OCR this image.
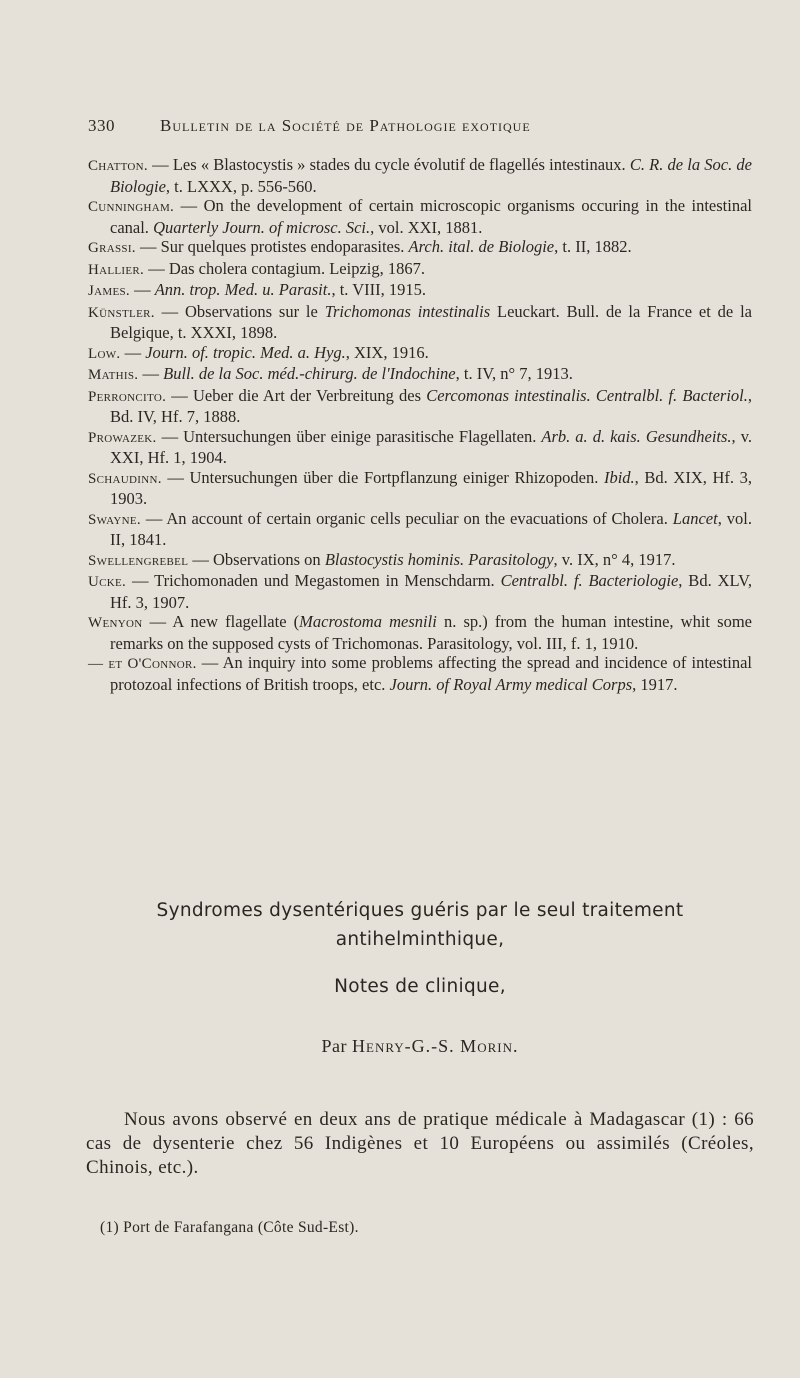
330	Bulletin de la Société de Pathologie exotique
Chatton. — Les « Blastocystis » stades du cycle évolutif de flagellés intestinaux. C. R. de la Soc. de Biologie, t. LXXX, p. 556-560.
Cunningham. — On the development of certain microscopic organisms occuring in the intestinal canal. Quarterly Journ. of microsc. Sci., vol. XXI, 1881.
Grassi. — Sur quelques protistes endoparasites. Arch. ital. de Biologie, t. II, 1882.
Hallier. — Das cholera contagium. Leipzig, 1867.
James. — Ann. trop. Med. u. Parasit., t. VIII, 1915.
Künstler. — Observations sur le Trichomonas intestinalis Leuckart. Bull. de la France et de la Belgique, t. XXXI, 1898.
Low. — Journ. of. tropic. Med. a. Hyg., XIX, 1916.
Mathis. — Bull. de la Soc. méd.-chirurg. de l'Indochine, t. IV, n° 7, 1913.
Perroncito. — Ueber die Art der Verbreitung des Cercomonas intestinalis. Centralbl. f. Bacteriol., Bd. IV, Hf. 7, 1888.
Prowazek. — Untersuchungen über einige parasitische Flagellaten. Arb. a. d. kais. Gesundheits., v. XXI, Hf. 1, 1904.
Schaudinn. — Untersuchungen über die Fortpflanzung einiger Rhizopoden. Ibid., Bd. XIX, Hf. 3, 1903.
Swayne. — An account of certain organic cells peculiar on the evacuations of Cholera. Lancet, vol. II, 1841.
Swellengrebel — Observations on Blastocystis hominis. Parasitology, v. IX, n° 4, 1917.
Ucke. — Trichomonaden und Megastomen in Menschdarm. Centralbl. f. Bacteriologie, Bd. XLV, Hf. 3, 1907.
Wenyon — A new flagellate (Macrostoma mesnili n. sp.) from the human intestine, whit some remarks on the supposed cysts of Trichomonas. Parasitology, vol. III, f. 1, 1910.
— et O'Connor. — An inquiry into some problems affecting the spread and incidence of intestinal protozoal infections of British troops, etc. Journ. of Royal Army medical Corps, 1917.
Syndromes dysentériques guéris par le seul traitement
antihelminthique,
Notes de clinique,
Par Henry-G.-S. Morin.
Nous avons observé en deux ans de pratique médicale à Madagascar (1) : 66 cas de dysenterie chez 56 Indigènes et 10 Européens ou assimilés (Créoles, Chinois, etc.).
(1) Port de Farafangana (Côte Sud-Est).
